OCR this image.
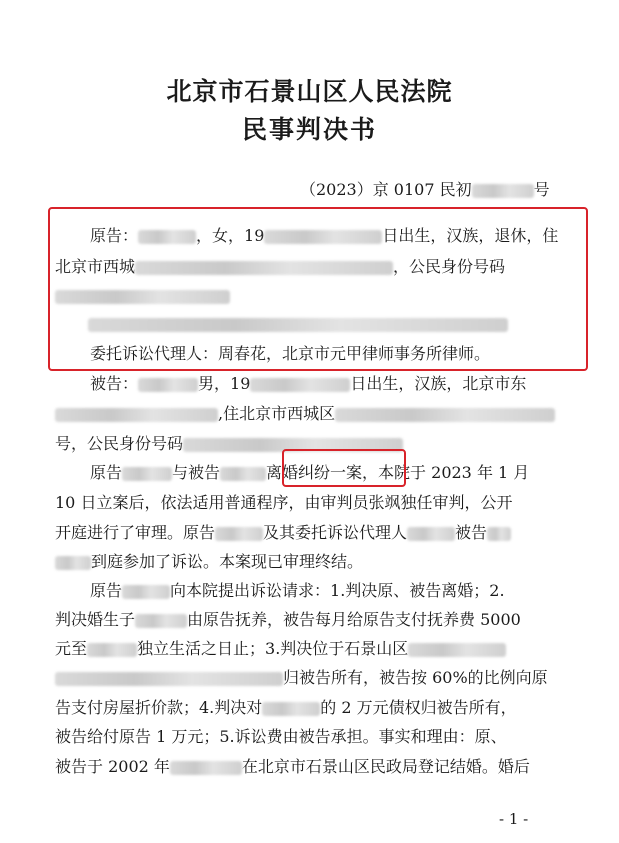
北京市石景山区人民法院
民事判决书
（2023）京 0107 民初	号
原告：	，女，19	日出生，汉族，退休，住
北京市西城	，公民身份号码
委托诉讼代理人：周春花，北京市元甲律师事务所律师。
被告：	男，19	日出生，汉族，北京市东
,住北京市西城区
号，公民身份号码
原告	与被告	离婚纠纷一案，本院于 2023 年 1 月
10 日立案后，依法适用普通程序，由审判员张飒独任审判，公开
开庭进行了审理。原告	及其委托诉讼代理人	被告
到庭参加了诉讼。本案现已审理终结。
原告	向本院提出诉讼请求：1.判决原、被告离婚；2.
判决婚生子	由原告抚养，被告每月给原告支付抚养费 5000
元至	独立生活之日止；3.判决位于石景山区
归被告所有，被告按 60%的比例向原
告支付房屋折价款；4.判决对	的 2 万元债权归被告所有，
被告给付原告 1 万元；5.诉讼费由被告承担。事实和理由：原、
被告于 2002 年	在北京市石景山区民政局登记结婚。婚后
- 1 -
